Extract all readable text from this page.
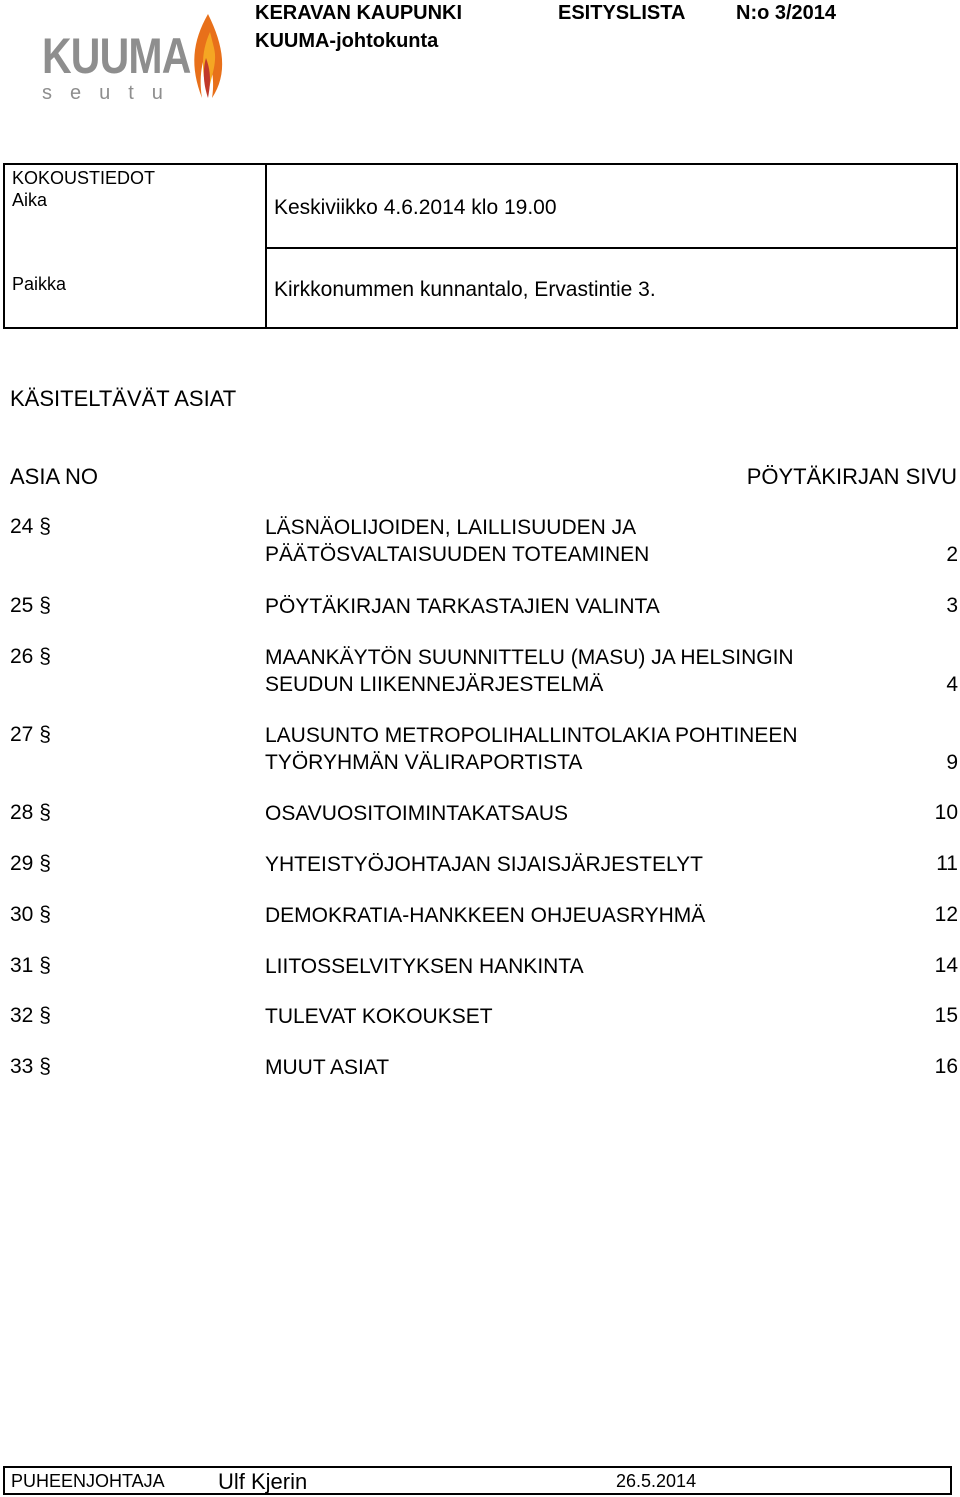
KUUMA
seutu
KERAVAN KAUPUNKI	ESITYSLISTA	N:o 3/2014
KUUMA-johtokunta
KOKOUSTIEDOT
Aika	Keskiviikko 4.6.2014 klo 19.00
Paikka	Kirkkonummen kunnantalo, Ervastintie 3.
KÄSITELTÄVÄT ASIAT
ASIA NO	PÖYTÄKIRJAN SIVU
24 §	LÄSNÄOLIJOIDEN, LAILLISUUDEN JA
PÄÄTÖSVALTAISUUDEN TOTEAMINEN	2
25 §	PÖYTÄKIRJAN TARKASTAJIEN VALINTA	3
26 §	MAANKÄYTÖN SUUNNITTELU (MASU) JA HELSINGIN
SEUDUN LIIKENNEJÄRJESTELMÄ	4
27 §	LAUSUNTO METROPOLIHALLINTOLAKIA POHTINEEN
TYÖRYHMÄN VÄLIRAPORTISTA	9
28 §	OSAVUOSITOIMINTAKATSAUS	10
29 §	YHTEISTYÖJOHTAJAN SIJAISJÄRJESTELYT	11
30 §	DEMOKRATIA-HANKKEEN OHJEUASRYHMÄ	12
31 §	LIITOSSELVITYKSEN HANKINTA	14
32 §	TULEVAT KOKOUKSET	15
33 §	MUUT ASIAT	16
PUHEENJOHTAJA Ulf Kjerin	26.5.2014
